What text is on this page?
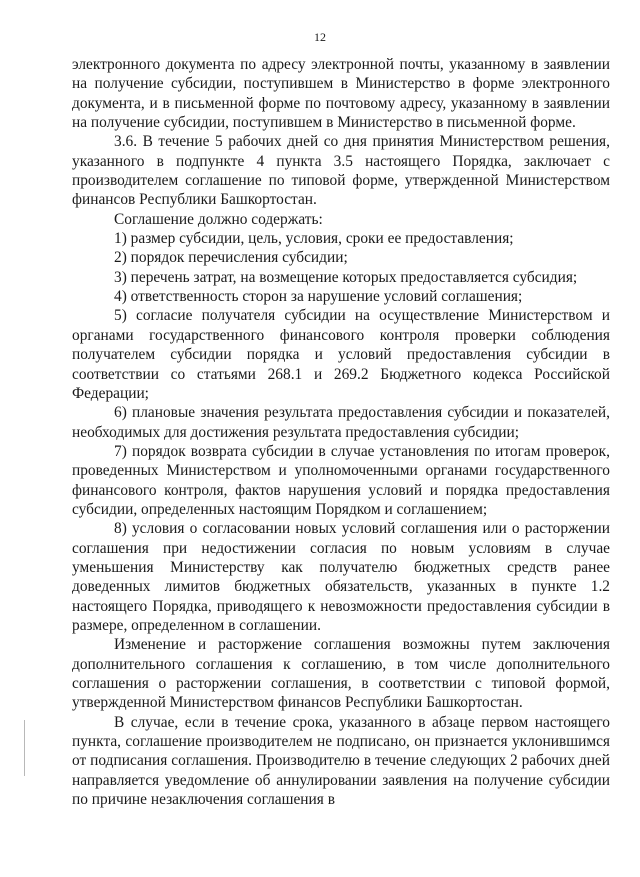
12

электронного документа по адресу электронной почты, указанному в заявлении на получение субсидии, поступившем в Министерство в форме электронного документа, и в письменной форме по почтовому адресу, указанному в заявлении на получение субсидии, поступившем в Министерство в письменной форме.

3.6. В течение 5 рабочих дней со дня принятия Министерством решения, указанного в подпункте 4 пункта 3.5 настоящего Порядка, заключает с производителем соглашение по типовой форме, утвержденной Министерством финансов Республики Башкортостан.

Соглашение должно содержать:

1) размер субсидии, цель, условия, сроки ее предоставления;

2) порядок перечисления субсидии;

3) перечень затрат, на возмещение которых предоставляется субсидия;

4) ответственность сторон за нарушение условий соглашения;

5) согласие получателя субсидии на осуществление Министерством и органами государственного финансового контроля проверки соблюдения получателем субсидии порядка и условий предоставления субсидии в соответствии со статьями 268.1 и 269.2 Бюджетного кодекса Российской Федерации;

6) плановые значения результата предоставления субсидии и показателей, необходимых для достижения результата предоставления субсидии;

7) порядок возврата субсидии в случае установления по итогам проверок, проведенных Министерством и уполномоченными органами государственного финансового контроля, фактов нарушения условий и порядка предоставления субсидии, определенных настоящим Порядком и соглашением;

8) условия о согласовании новых условий соглашения или о расторжении соглашения при недостижении согласия по новым условиям в случае уменьшения Министерству как получателю бюджетных средств ранее доведенных лимитов бюджетных обязательств, указанных в пункте 1.2 настоящего Порядка, приводящего к невозможности предоставления субсидии в размере, определенном в соглашении.

Изменение и расторжение соглашения возможны путем заключения дополнительного соглашения к соглашению, в том числе дополнительного соглашения о расторжении соглашения, в соответствии с типовой формой, утвержденной Министерством финансов Республики Башкортостан.

В случае, если в течение срока, указанного в абзаце первом настоящего пункта, соглашение производителем не подписано, он признается уклонившимся от подписания соглашения. Производителю в течение следующих 2 рабочих дней направляется уведомление об аннулировании заявления на получение субсидии по причине незаключения соглашения в
